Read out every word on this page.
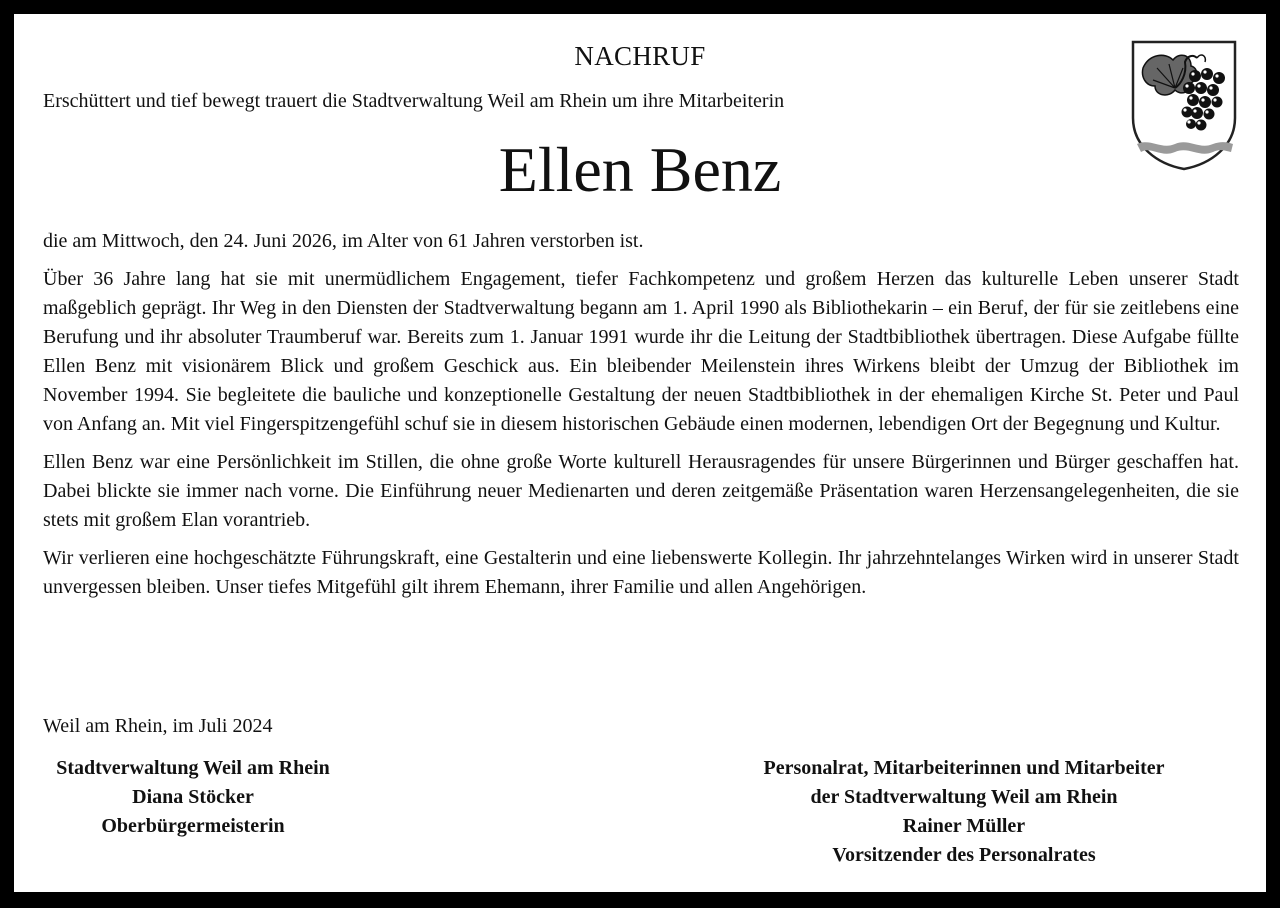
NACHRUF
Erschüttert und tief bewegt trauert die Stadtverwaltung Weil am Rhein um ihre Mitarbeiterin
Ellen Benz

die am Mittwoch, den 24. Juni 2026, im Alter von 61 Jahren verstorben ist.

Über 36 Jahre lang hat sie mit unermüdlichem Engagement, tiefer Fachkompetenz und großem Herzen das kulturelle Leben unserer Stadt maßgeblich geprägt. Ihr Weg in den Diensten der Stadtverwaltung begann am 1. April 1990 als Bibliothekarin – ein Beruf, der für sie zeitlebens eine Berufung und ihr absoluter Traumberuf war. Bereits zum 1. Januar 1991 wurde ihr die Leitung der Stadtbibliothek übertragen. Diese Aufgabe füllte Ellen Benz mit visionärem Blick und großem Geschick aus. Ein bleibender Meilenstein ihres Wirkens bleibt der Umzug der Bibliothek im November 1994. Sie begleitete die bauliche und konzeptionelle Gestaltung der neuen Stadtbibliothek in der ehemaligen Kirche St. Peter und Paul von Anfang an. Mit viel Fingerspitzengefühl schuf sie in diesem historischen Gebäude einen modernen, lebendigen Ort der Begegnung und Kultur.

Ellen Benz war eine Persönlichkeit im Stillen, die ohne große Worte kulturell Herausragendes für unsere Bürgerinnen und Bürger geschaffen hat. Dabei blickte sie immer nach vorne. Die Einführung neuer Medienarten und deren zeitgemäße Präsentation waren Herzensangelegenheiten, die sie stets mit großem Elan vorantrieb.

Wir verlieren eine hochgeschätzte Führungskraft, eine Gestalterin und eine liebenswerte Kollegin. Ihr jahrzehntelanges Wirken wird in unserer Stadt unvergessen bleiben. Unser tiefes Mitgefühl gilt ihrem Ehemann, ihrer Familie und allen Angehörigen.

Weil am Rhein, im Juli 2024
Stadtverwaltung Weil am Rhein
Diana Stöcker
Oberbürgermeisterin
Personalrat, Mitarbeiterinnen und Mitarbeiter
der Stadtverwaltung Weil am Rhein
Rainer Müller
Vorsitzender des Personalrates
